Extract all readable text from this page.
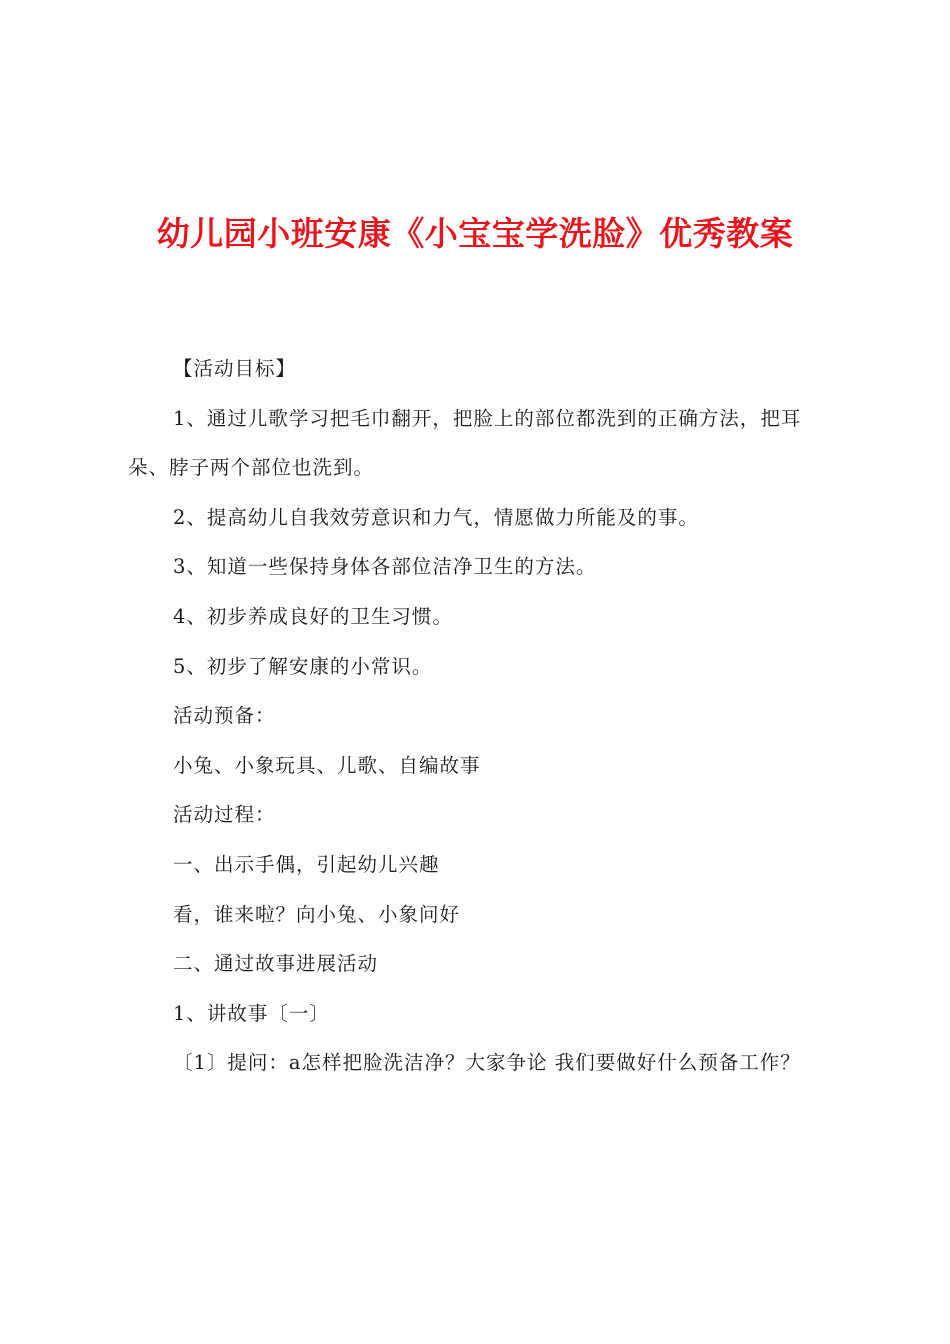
幼儿园小班安康《小宝宝学洗脸》优秀教案

【活动目标】

1、通过儿歌学习把毛巾翻开，把脸上的部位都洗到的正确方法，把耳朵、脖子两个部位也洗到。

2、提高幼儿自我效劳意识和力气，情愿做力所能及的事。

3、知道一些保持身体各部位洁净卫生的方法。

4、初步养成良好的卫生习惯。

5、初步了解安康的小常识。

活动预备：

小兔、小象玩具、儿歌、自编故事

活动过程：

一、出示手偶，引起幼儿兴趣

看，谁来啦？向小兔、小象问好

二、通过故事进展活动

1、讲故事〔一〕

〔1〕提问：a怎样把脸洗洁净？大家争论 我们要做好什么预备工作？
